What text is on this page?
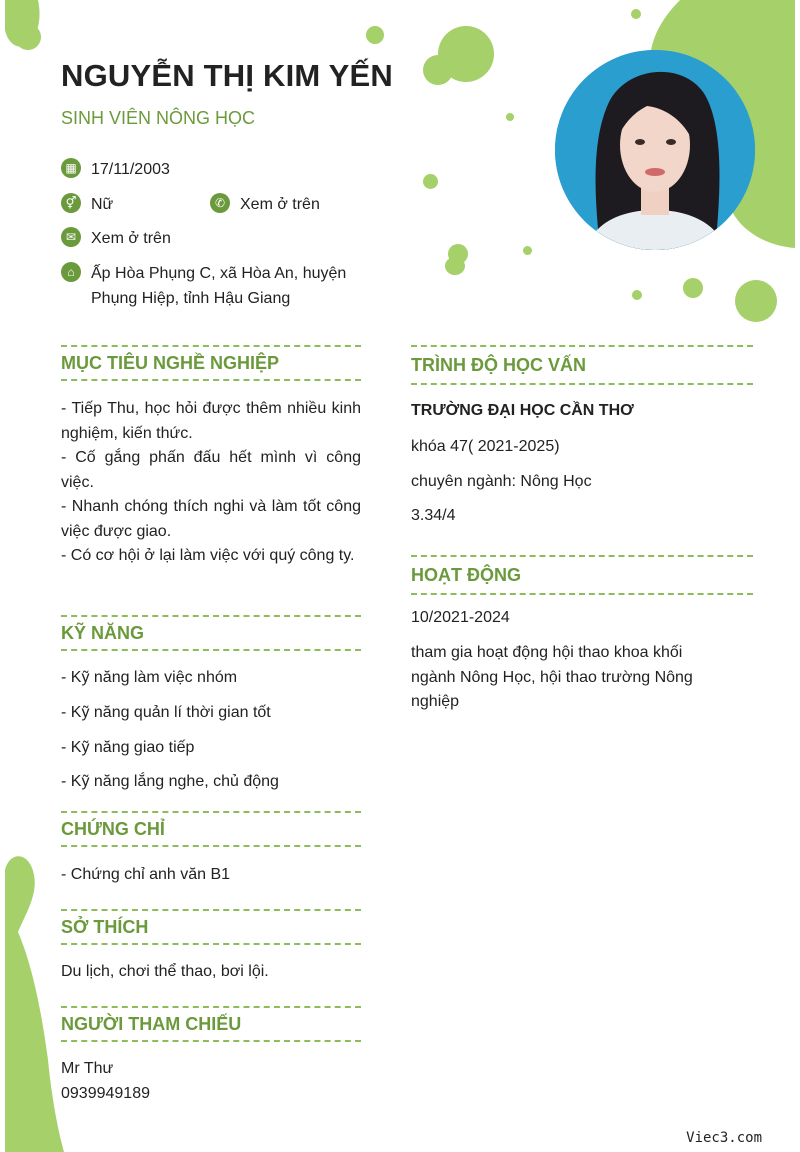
NGUYỄN THỊ KIM YẾN
SINH VIÊN NÔNG HỌC
▦ 17/11/2003
⚥ Nữ	✆ Xem ở trên
✉ Xem ở trên
⌂	Ấp Hòa Phụng C, xã Hòa An, huyện Phụng Hiệp, tỉnh Hậu Giang
MỤC TIÊU NGHỀ NGHIỆP
- Tiếp Thu, học hỏi được thêm nhiều kinh nghiệm, kiến thức.
- Cố gắng phấn đấu hết mình vì công việc.
- Nhanh chóng thích nghi và làm tốt công việc được giao.
- Có cơ hội ở lại làm việc với quý công ty.
KỸ NĂNG
- Kỹ năng làm việc nhóm
- Kỹ năng quản lí thời gian tốt
- Kỹ năng giao tiếp
- Kỹ năng lắng nghe, chủ động
CHỨNG CHỈ
- Chứng chỉ anh văn B1
SỞ THÍCH
Du lịch, chơi thể thao, bơi lội.
NGƯỜI THAM CHIẾU
Mr Thư
0939949189
TRÌNH ĐỘ HỌC VẤN
TRƯỜNG ĐẠI HỌC CẦN THƠ
khóa 47( 2021-2025)
chuyên ngành: Nông Học
3.34/4
HOẠT ĐỘNG
10/2021-2024
tham gia hoạt động hội thao khoa khối ngành Nông Học, hội thao trường Nông nghiệp
Viec3.com
